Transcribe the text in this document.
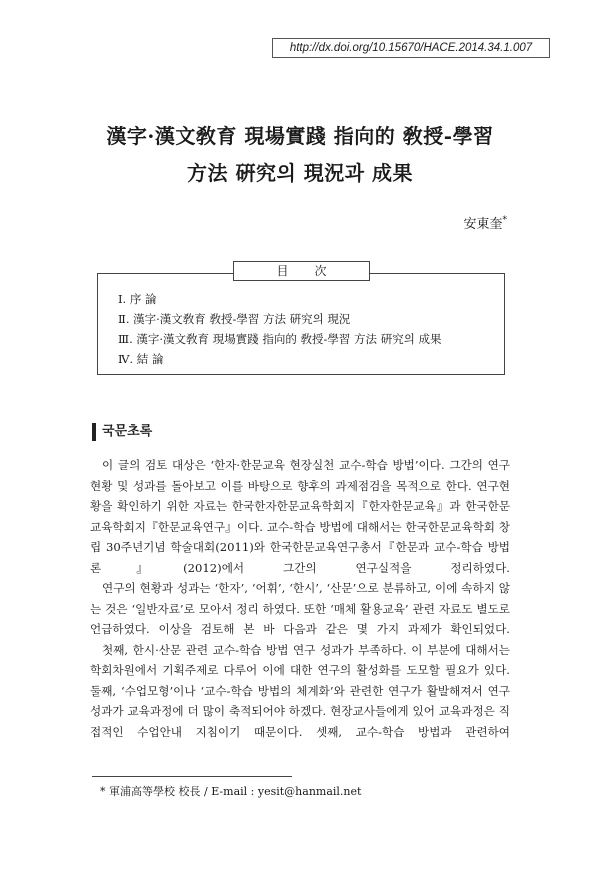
http://dx.doi.org/10.15670/HACE.2014.34.1.007
漢字·漢文敎育 現場實踐 指向的 敎授-學習
方法 硏究의 現況과 成果
安東奎*
目次
Ⅰ. 序 論
Ⅱ. 漢字·漢文敎育 敎授-學習 方法 硏究의 現況
Ⅲ. 漢字·漢文敎育 現場實踐 指向的 敎授-學習 方法 硏究의 成果
Ⅳ. 結 論
국문초록

이 글의 검토 대상은 ‘한자·한문교육 현장실천 교수-학습 방법’이다. 그간의 연구현황 및 성과를 돌아보고 이를 바탕으로 향후의 과제점검을 목적으로 한다. 연구현황을 확인하기 위한 자료는 한국한자한문교육학회지『한자한문교육』과 한국한문교육학회지『한문교육연구』이다. 교수-학습 방법에 대해서는 한국한문교육학회 창립 30주년기념 학술대회(2011)와 한국한문교육연구총서『한문과 교수-학습 방법론』(2012)에서 그간의 연구실적을 정리하였다.

연구의 현황과 성과는 ‘한자’, ‘어휘’, ‘한시’, ‘산문’으로 분류하고, 이에 속하지 않는 것은 ‘일반자료’로 모아서 정리 하였다. 또한 ‘매체 활용교육’ 관련 자료도 별도로 언급하였다. 이상을 검토해 본 바 다음과 같은 몇 가지 과제가 확인되었다.

첫째, 한시·산문 관련 교수-학습 방법 연구 성과가 부족하다. 이 부분에 대해서는 학회차원에서 기획주제로 다루어 이에 대한 연구의 활성화를 도모할 필요가 있다. 둘째, ‘수업모형’이나 ‘교수-학습 방법의 체계화’와 관련한 연구가 활발해져서 연구성과가 교육과정에 더 많이 축적되어야 하겠다. 현장교사들에게 있어 교육과정은 직접적인 수업안내 지침이기 때문이다. 셋째, 교수-학습 방법과 관련하여

* 軍浦高等學校 校長 / E-mail : yesit@hanmail.net
